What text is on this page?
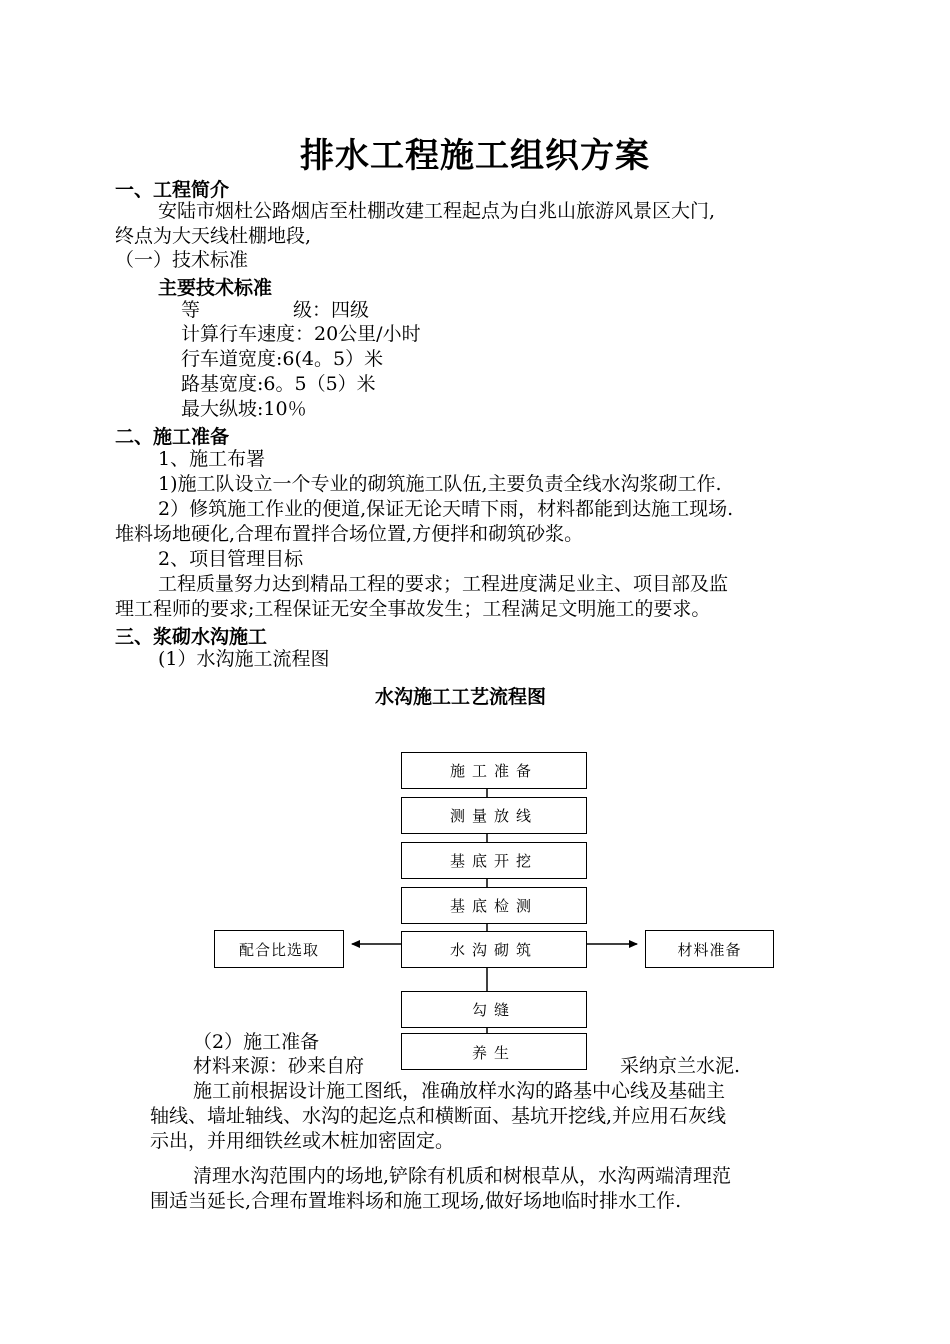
排水工程施工组织方案
一、工程简介
安陆市烟杜公路烟店至杜棚改建工程起点为白兆山旅游风景区大门,
终点为大天线杜棚地段,
（一）技术标准
主要技术标准
等	级：四级
计算行车速度：20公里/小时
行车道宽度:6(4。5）米
路基宽度:6。5（5）米
最大纵坡:10％
二、施工准备
1、施工布署
1)施工队设立一个专业的砌筑施工队伍,主要负责全线水沟浆砌工作.
2）修筑施工作业的便道,保证无论天晴下雨，材料都能到达施工现场.
堆料场地硬化,合理布置拌合场位置,方便拌和砌筑砂浆。
2、项目管理目标
工程质量努力达到精品工程的要求；工程进度满足业主、项目部及监
理工程师的要求;工程保证无安全事故发生；工程满足文明施工的要求。
三、浆砌水沟施工
(1）水沟施工流程图
水沟施工工艺流程图
（2）施工准备
材料来源：砂来自府	采纳京兰水泥.
施工准备
测量放线
基底开挖
基底检测
水沟砌筑
勾缝
养生
配合比选取	材料准备
施工前根据设计施工图纸，准确放样水沟的路基中心线及基础主
轴线、墙址轴线、水沟的起迄点和横断面、基坑开挖线,并应用石灰线
示出，并用细铁丝或木桩加密固定。
清理水沟范围内的场地,铲除有机质和树根草从，水沟两端清理范
围适当延长,合理布置堆料场和施工现场,做好场地临时排水工作.
